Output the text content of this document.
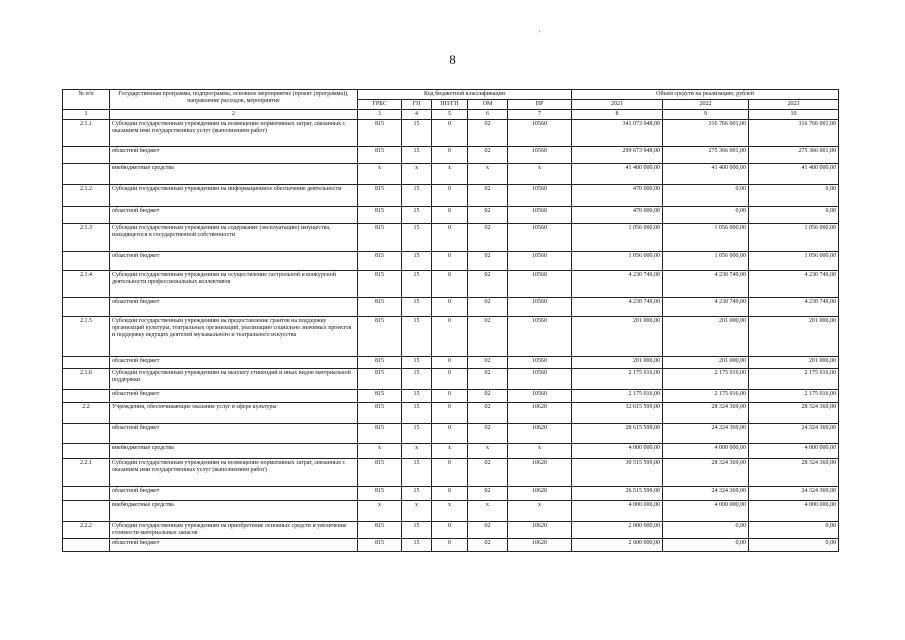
8
№ п/п	Государственная программа, подпрограмма, основное мероприятие (проект (программа)), направление расходов, мероприятие	Код бюджетной классификации					Объем средств на реализацию, рублей		
		ГРБС	ГП	ПП/ГП	ОМ	НР	2021	2022	2023
1	2	3	4	5	6	7	8	9	10
2.1.1	Субсидии государственным учреждениям на возмещение нормативных затрат, связанных с оказанием ими государственных услуг (выполнением работ)	815	15	0	02	10560	341 073 948,00	316 766 001,00	316 766 001,00
	областной бюджет	815	15	0	02	10560	299 673 948,00	275 366 001,00	275 366 001,00
	внебюджетные средства	х	х	х	х	х	41 400 000,00	41 400 000,00	41 400 000,00
2.1.2	Субсидии государственным учреждениям на информационное обеспечение деятельности	815	15	0	02	10560	470 000,00	0,00	0,00
	областной бюджет	815	15	0	02	10560	470 000,00	0,00	0,00
2.1.3	Субсидии государственным учреждениям на содержание (эксплуатацию) имущества, находящегося в государственной собственности	815	15	0	02	10560	1 056 000,00	1 056 000,00	1 056 000,00
	областной бюджет	815	15	0	02	10560	1 056 000,00	1 056 000,00	1 056 000,00
2.1.4	Субсидии государственным учреждениям на осуществление гастрольной и конкурсной деятельности профессиональных коллективов	815	15	0	02	10560	4 230 749,00	4 230 749,00	4 230 749,00
	областной бюджет	815	15	0	02	10560	4 230 749,00	4 230 749,00	4 230 749,00
2.1.5	Субсидии государственным учреждениям на предоставление грантов на поддержку организаций культуры, театральных организаций, реализацию социально значимых проектов и поддержку ведущих деятелей музыкального и театрального искусства	815	15	0	02	10560	201 000,00	201 000,00	201 000,00
	областной бюджет	815	15	0	02	10560	201 000,00	201 000,00	201 000,00
2.1.6	Субсидии государственным учреждениям на выплату стипендий и иных видов материальной поддержки	815	15	0	02	10560	2 175 016,00	2 175 016,00	2 175 016,00
	областной бюджет	815	15	0	02	10560	2 175 016,00	2 175 016,00	2 175 016,00
2.2	Учреждения, обеспечивающие оказание услуг в сфере культуры	815	15	0	02	10620	32 615 599,00	28 324 369,00	28 324 369,00
	областной бюджет	815	15	0	02	10620	28 615 599,00	24 324 369,00	24 324 369,00
	внебюджетные средства	х	х	х	х	х	4 000 000,00	4 000 000,00	4 000 000,00
2.2.1	Субсидии государственным учреждениям на возмещение нормативных затрат, связанных с оказанием ими государственных услуг (выполнением работ)	815	15	0	02	10620	30 515 599,00	28 324 369,00	28 324 369,00
	областной бюджет	815	15	0	02	10620	26 515 599,00	24 324 369,00	24 324 369,00
	внебюджетные средства	х	х	х	х	х	4 000 000,00	4 000 000,00	4 000 000,00
2.2.2	Субсидии государственным учреждениям на приобретение основных средств и увеличение стоимости материальных запасов	815	15	0	02	10620	2 000 000,00	0,00	0,00
	областной бюджет	815	15	0	02	10620	2 000 000,00	0,00	0,00
’
